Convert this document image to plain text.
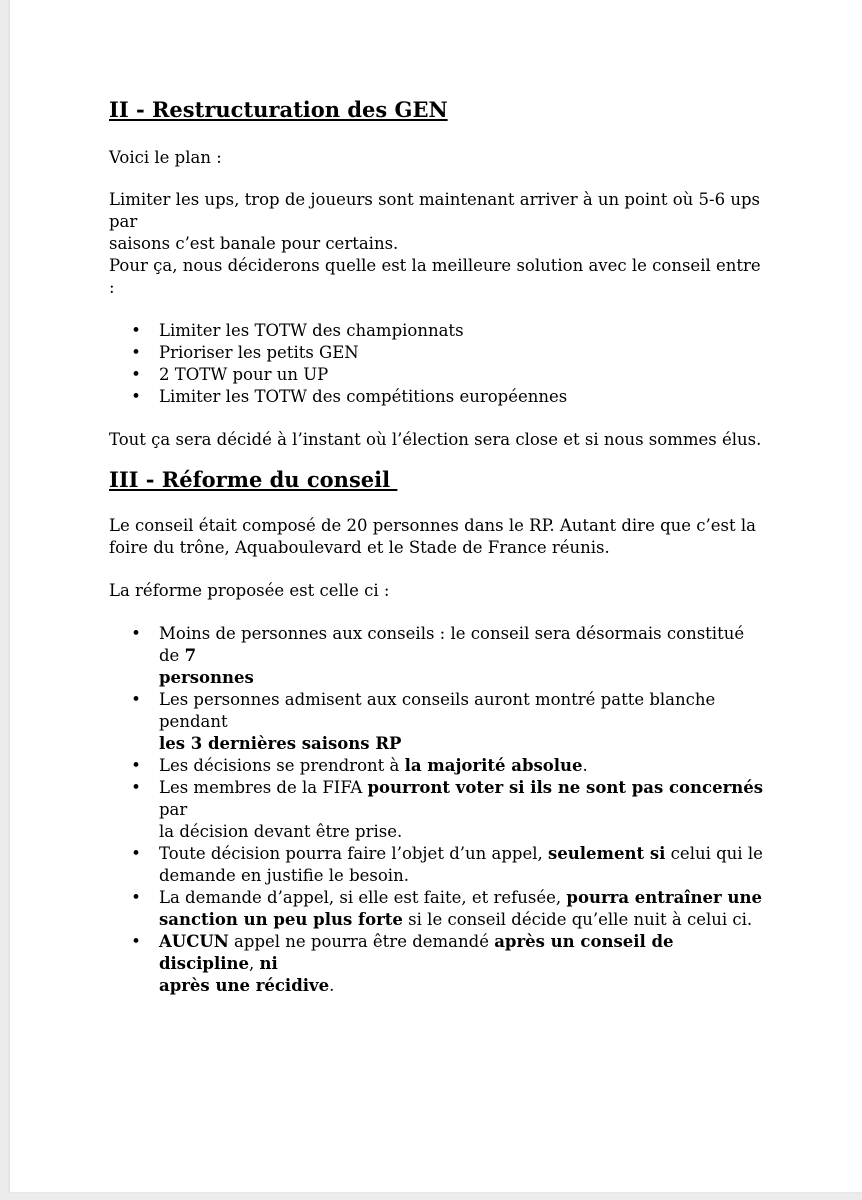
II - Restructuration des GEN

Voici le plan :

Limiter les ups, trop de joueurs sont maintenant arriver à un point où 5-6 ups par
saisons c’est banale pour certains.

Pour ça, nous déciderons quelle est la meilleure solution avec le conseil entre :

• Limiter les TOTW des championnats
• Prioriser les petits GEN
• 2 TOTW pour un UP
• Limiter les TOTW des compétitions européennes

Tout ça sera décidé à l’instant où l’élection sera close et si nous sommes élus.

III - Réforme du conseil

Le conseil était composé de 20 personnes dans le RP. Autant dire que c’est la
foire du trône, Aquaboulevard et le Stade de France réunis.

La réforme proposée est celle ci :

• Moins de personnes aux conseils : le conseil sera désormais constitué de 7
personnes
• Les personnes admisent aux conseils auront montré patte blanche pendant
les 3 dernières saisons RP
• Les décisions se prendront à la majorité absolue.
• Les membres de la FIFA pourront voter si ils ne sont pas concernés par
la décision devant être prise.
• Toute décision pourra faire l’objet d’un appel, seulement si celui qui le
demande en justifie le besoin.
• La demande d’appel, si elle est faite, et refusée, pourra entraîner une
sanction un peu plus forte si le conseil décide qu’elle nuit à celui ci.
• AUCUN appel ne pourra être demandé après un conseil de discipline, ni
après une récidive.
